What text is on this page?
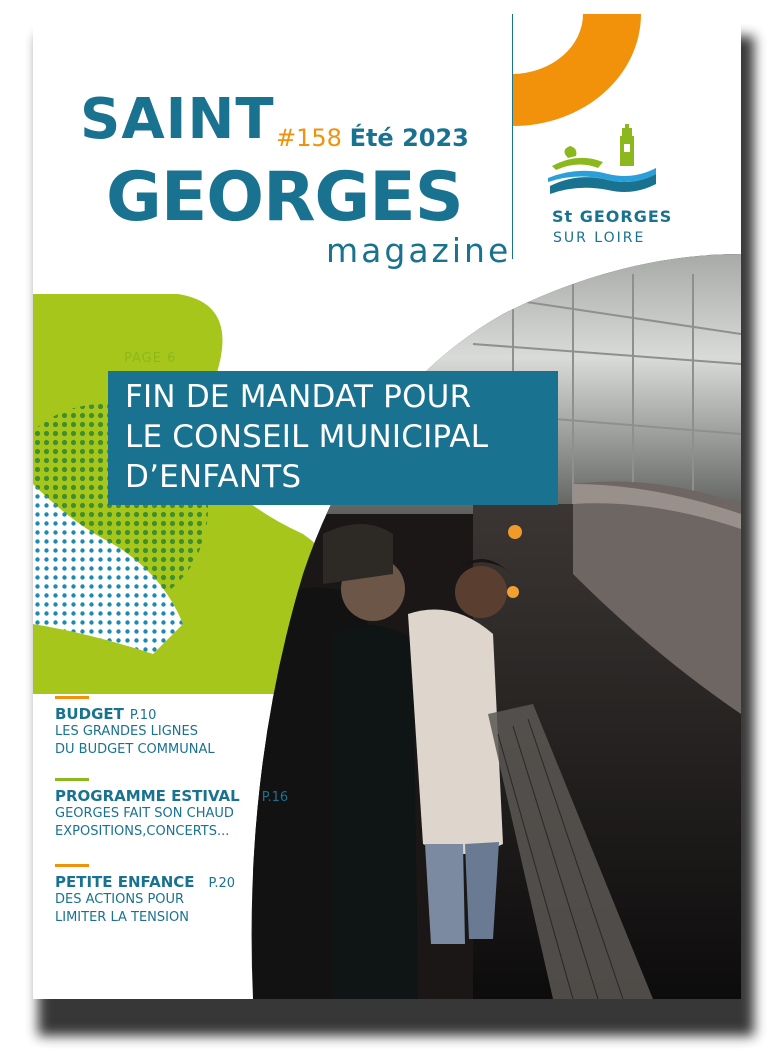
SAINT
GEORGES
magazine
#158 Été 2023
St GEORGES
SUR LOIRE
PAGE 6
FIN DE MANDAT POUR
LE CONSEIL MUNICIPAL
D’ENFANTS
BUDGET P.10
LES GRANDES LIGNES
DU BUDGET COMMUNAL
PROGRAMME ESTIVAL P.16
GEORGES FAIT SON CHAUD
EXPOSITIONS,CONCERTS...
PETITE ENFANCE P.20
DES ACTIONS POUR
LIMITER LA TENSION
